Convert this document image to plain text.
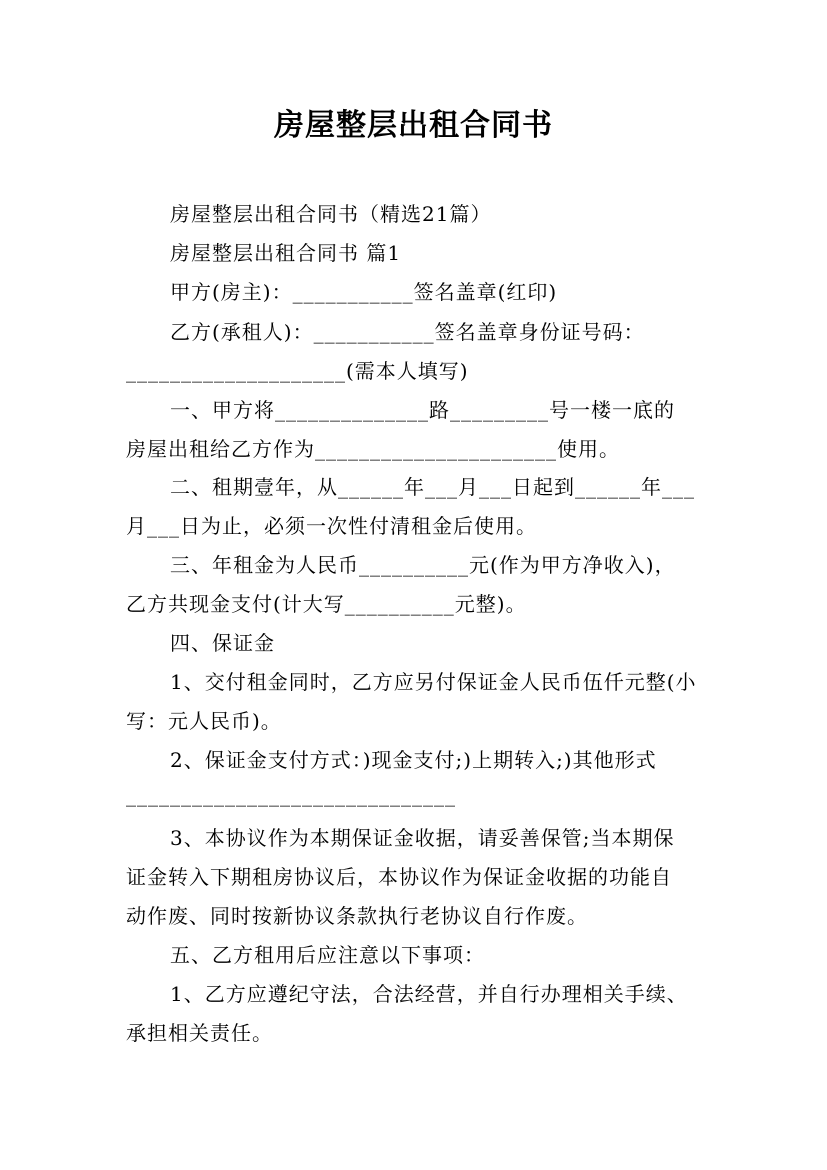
房屋整层出租合同书
房屋整层出租合同书（精选21篇）
房屋整层出租合同书 篇1
甲方(房主)：___________签名盖章(红印)
乙方(承租人)：___________签名盖章身份证号码：
____________________(需本人填写)
一、甲方将______________路_________号一楼一底的
房屋出租给乙方作为______________________使用。
二、租期壹年，从______年___月___日起到______年___
月___日为止，必须一次性付清租金后使用。
三、年租金为人民币__________元(作为甲方净收入)，
乙方共现金支付(计大写__________元整)。
四、保证金
1、交付租金同时，乙方应另付保证金人民币伍仟元整(小
写：元人民币)。
2、保证金支付方式：)现金支付;)上期转入;)其他形式
______________________________
3、本协议作为本期保证金收据，请妥善保管;当本期保
证金转入下期租房协议后，本协议作为保证金收据的功能自
动作废、同时按新协议条款执行老协议自行作废。
五、乙方租用后应注意以下事项：
1、乙方应遵纪守法，合法经营，并自行办理相关手续、
承担相关责任。
